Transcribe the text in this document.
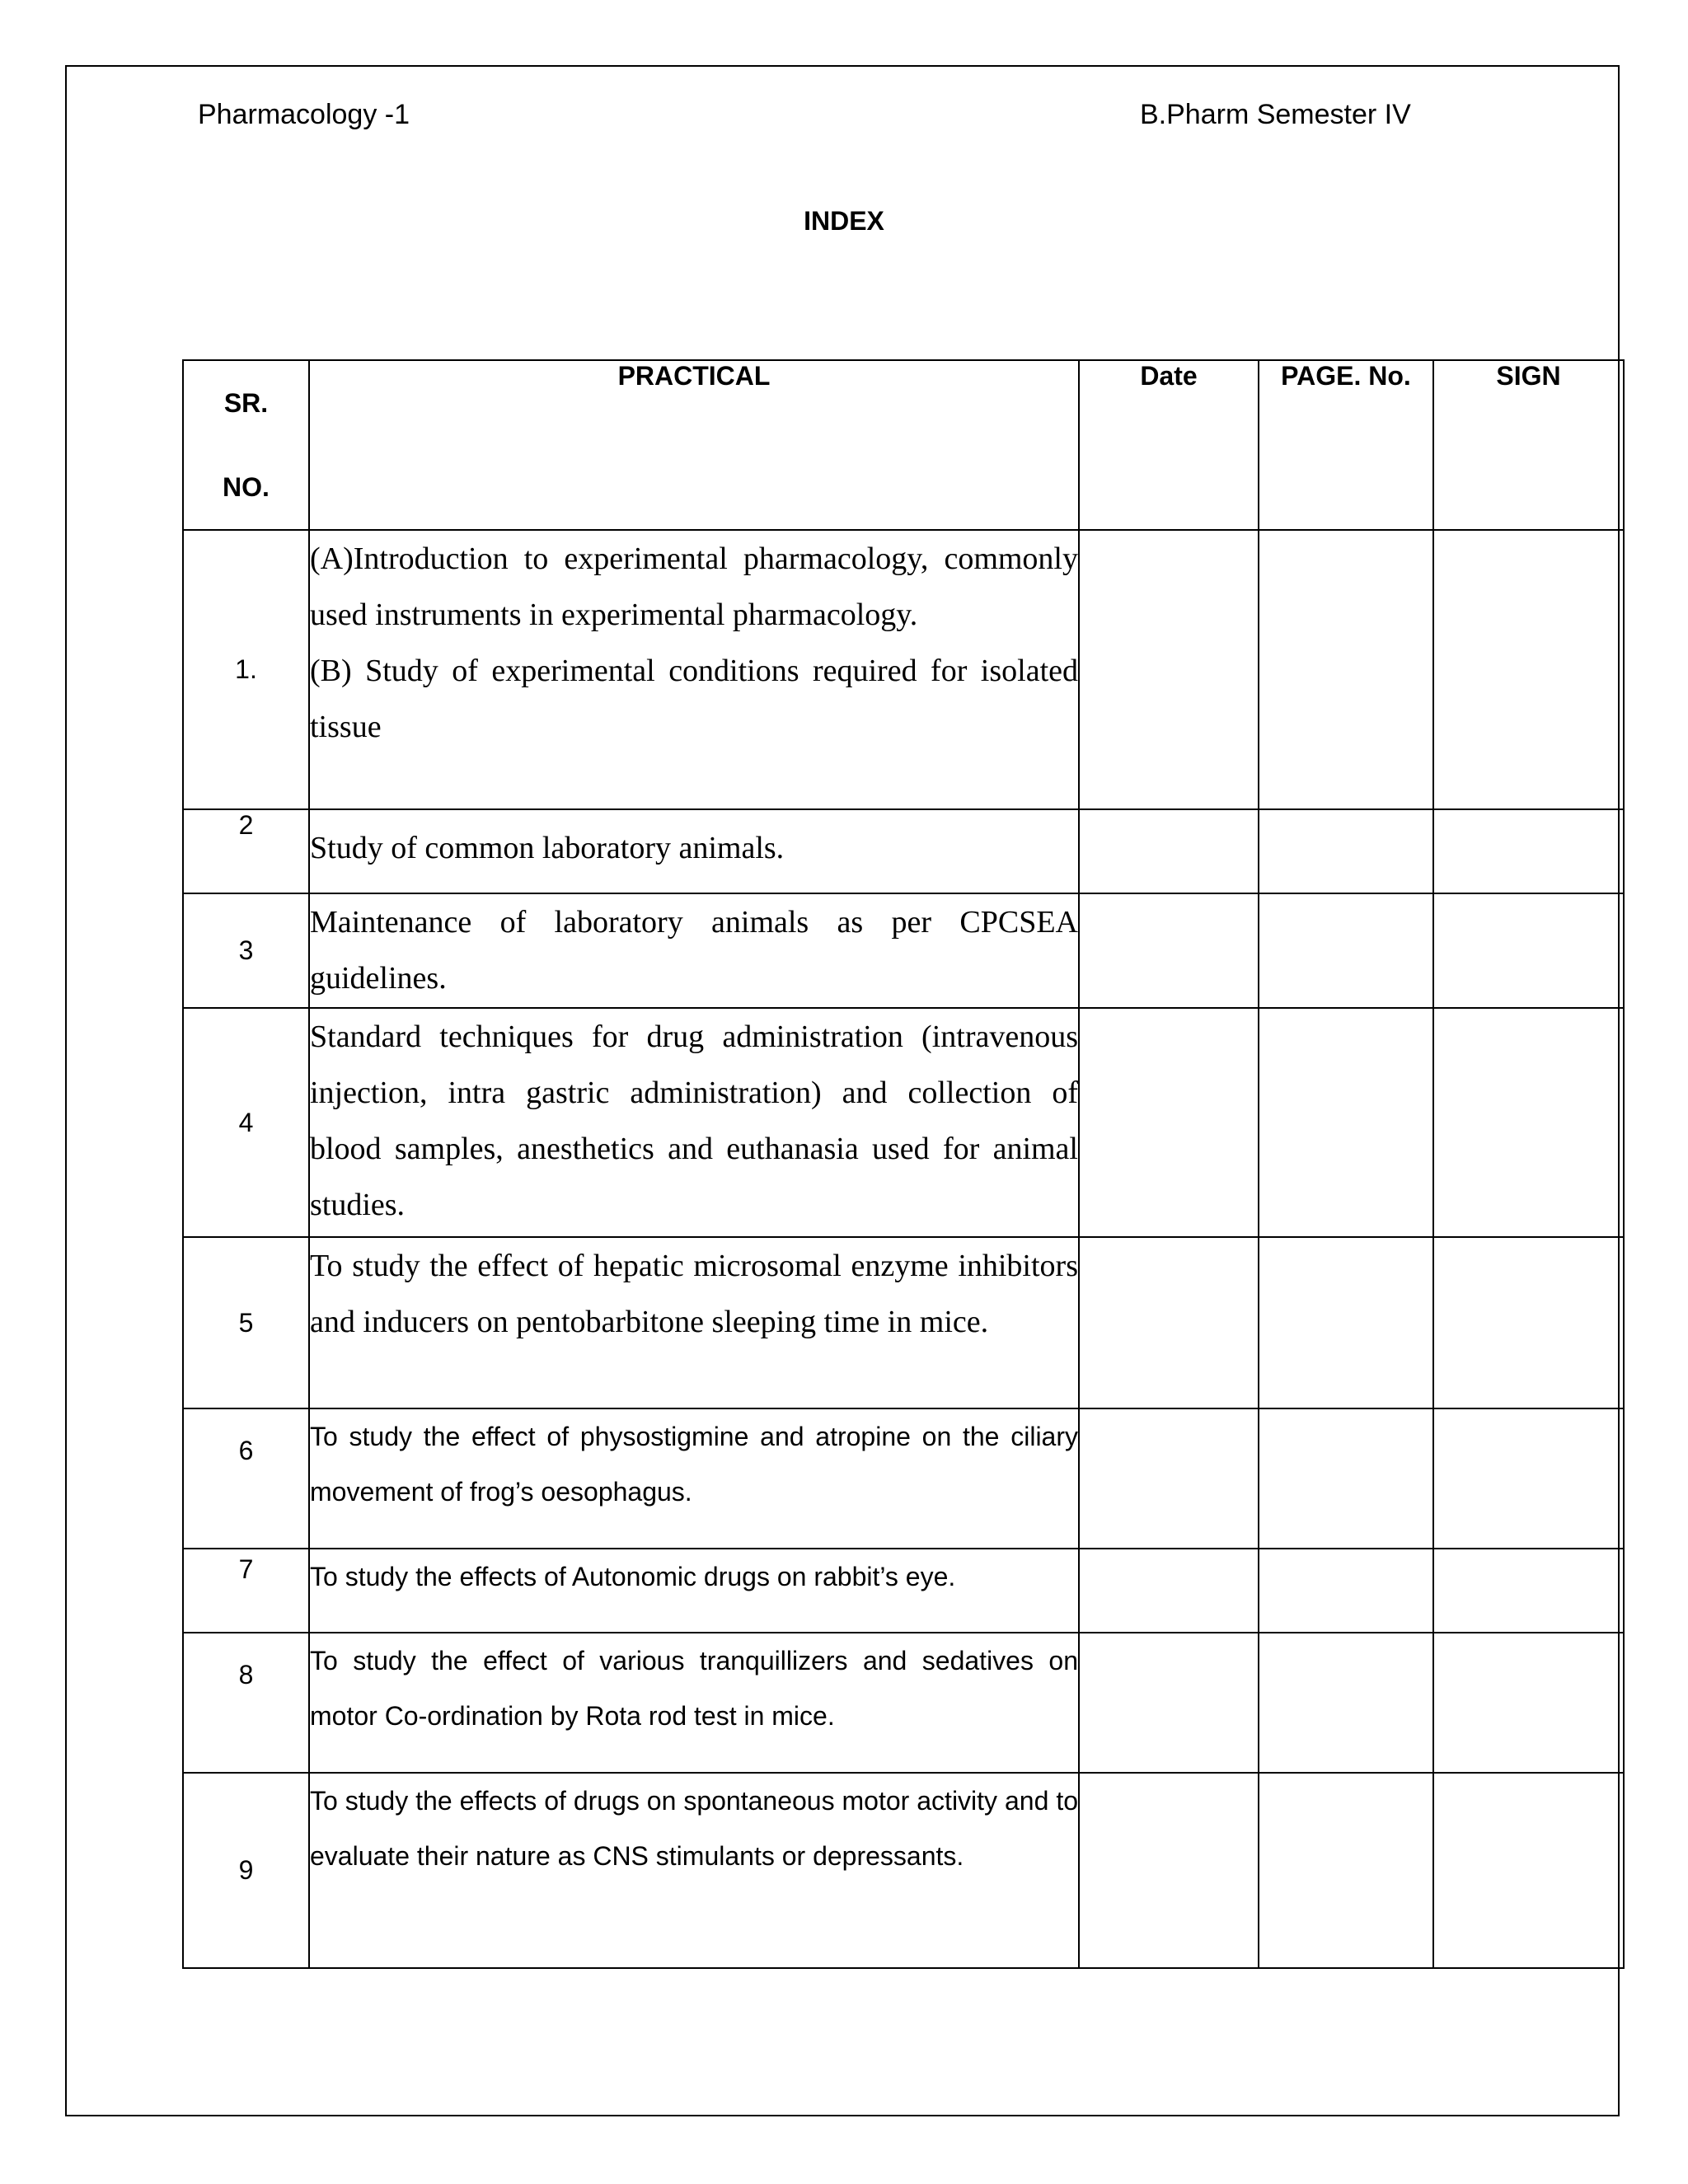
Pharmacology -1	B.Pharm Semester IV
INDEX
SR.
NO.	PRACTICAL	Date	PAGE. No.	SIGN
1.	(A)Introduction to experimental pharmacology, commonly used instruments in experimental pharmacology.
(B) Study of experimental conditions required for isolated tissue			

2	Study of common laboratory animals.			

3	Maintenance of laboratory animals as per CPCSEA guidelines.			

4	Standard techniques for drug administration (intravenous injection, intra gastric administration) and collection of blood samples, anesthetics and euthanasia used for animal studies.			

5	To study the effect of hepatic microsomal enzyme inhibitors and inducers on pentobarbitone sleeping time in mice.			

6	To study the effect of physostigmine and atropine on the ciliary movement of frog’s oesophagus.			

7	To study the effects of Autonomic drugs on rabbit’s eye.			

8	To study the effect of various tranquillizers and sedatives on motor Co-ordination by Rota rod test in mice.			

9	To study the effects of drugs on spontaneous motor activity and to evaluate their nature as CNS stimulants or depressants.			
